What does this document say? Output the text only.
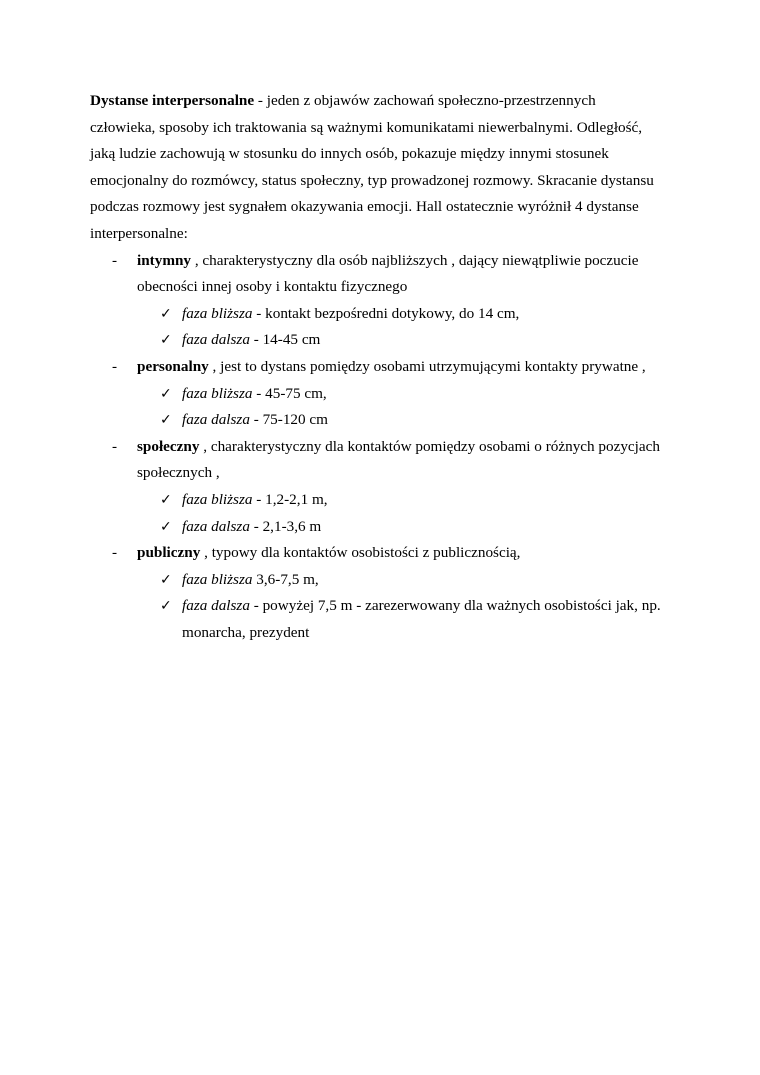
Dystanse interpersonalne - jeden z objawów zachowań społeczno-przestrzennych
człowieka, sposoby ich traktowania są ważnymi komunikatami niewerbalnymi. Odległość,
jaką ludzie zachowują w stosunku do innych osób, pokazuje między innymi stosunek
emocjonalny do rozmówcy, status społeczny, typ prowadzonej rozmowy. Skracanie dystansu
podczas rozmowy jest sygnałem okazywania emocji. Hall ostatecznie wyróżnił 4 dystanse
interpersonalne:
- intymny , charakterystyczny dla osób najbliższych , dający niewątpliwie poczucie
obecności innej osoby i kontaktu fizycznego
✓ faza bliższa - kontakt bezpośredni dotykowy, do 14 cm,
✓ faza dalsza - 14-45 cm
- personalny , jest to dystans pomiędzy osobami utrzymującymi kontakty prywatne ,
✓ faza bliższa - 45-75 cm,
✓ faza dalsza - 75-120 cm
- społeczny , charakterystyczny dla kontaktów pomiędzy osobami o różnych pozycjach
społecznych ,
✓ faza bliższa - 1,2-2,1 m,
✓ faza dalsza - 2,1-3,6 m
- publiczny , typowy dla kontaktów osobistości z publicznością,
✓ faza bliższa 3,6-7,5 m,
✓ faza dalsza - powyżej 7,5 m - zarezerwowany dla ważnych osobistości jak, np.
monarcha, prezydent
